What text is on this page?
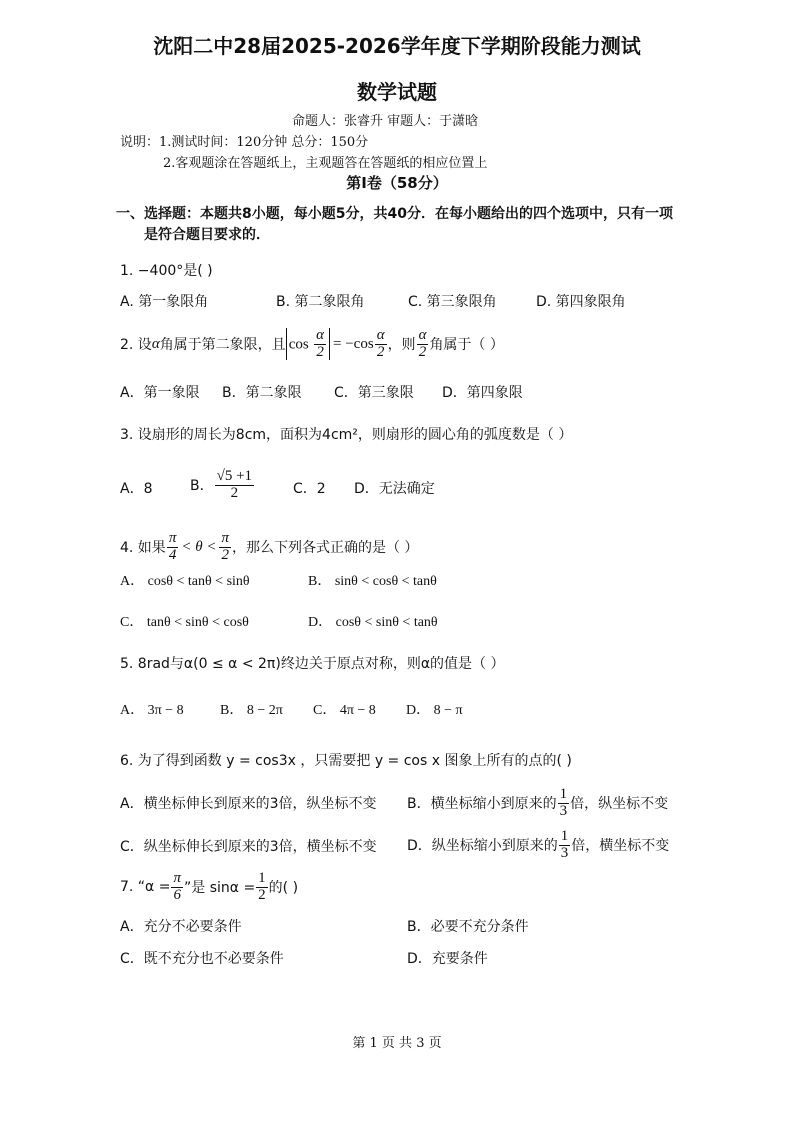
沈阳二中28届2025-2026学年度下学期阶段能力测试
数学试题
命题人：张睿升 审题人：于潇晗
说明：1.测试时间：120分钟 总分：150分
2.客观题涂在答题纸上，主观题答在答题纸的相应位置上
第Ⅰ卷（58分）
一、选择题：本题共8小题，每小题5分，共40分．在每小题给出的四个选项中，只有一项
是符合题目要求的．
1. −400°是( )
A. 第一象限角	B. 第二象限角	C. 第三象限角	D. 第四象限角
2. 设 α 角属于第二象限，且 $\cos \frac{\alpha}{2} = -\cos \frac{\alpha}{2}$ ，则 $\frac{\alpha}{2}$ 角属于（ ）
A．第一象限 B．第二象限 C．第三象限 D．第四象限
3. 设扇形的周长为8cm，面积为4cm²，则扇形的圆心角的弧度数是（ ）
A．8	B． $\frac{√5 +1}{2}$	C．2 D．无法确定
4. 如果 $\frac{\pi}{4} < \theta < \frac{\pi}{2}$ ，那么下列各式正确的是（ ）
A． cosθ < tanθ < sinθ	B． sinθ < cosθ < tanθ
C． tanθ < sinθ < cosθ	D． cosθ < sinθ < tanθ
5. 8rad与α(0 ≤ α < 2π)终边关于原点对称，则α的值是（ ）
A． 3π − 8	B． 8 − 2π C． 4π − 8 D． 8 − π
6. 为了得到函数 y = cos3x ，只需要把 y = cos x 图象上所有的点的( )
A．横坐标伸长到原来的3倍，纵坐标不变 B．横坐标缩小到原来的 $\frac{1}{3}$ 倍，纵坐标不变
C．纵坐标伸长到原来的3倍，横坐标不变 D．纵坐标缩小到原来的 $\frac{1}{3}$ 倍，横坐标不变
7. “$\alpha = \frac{\pi}{6}$ ”是 $\sin\alpha = \frac{1}{2}$ 的( )
A．充分不必要条件	B．必要不充分条件
C．既不充分也不必要条件	D．充要条件
第 1 页 共 3 页
